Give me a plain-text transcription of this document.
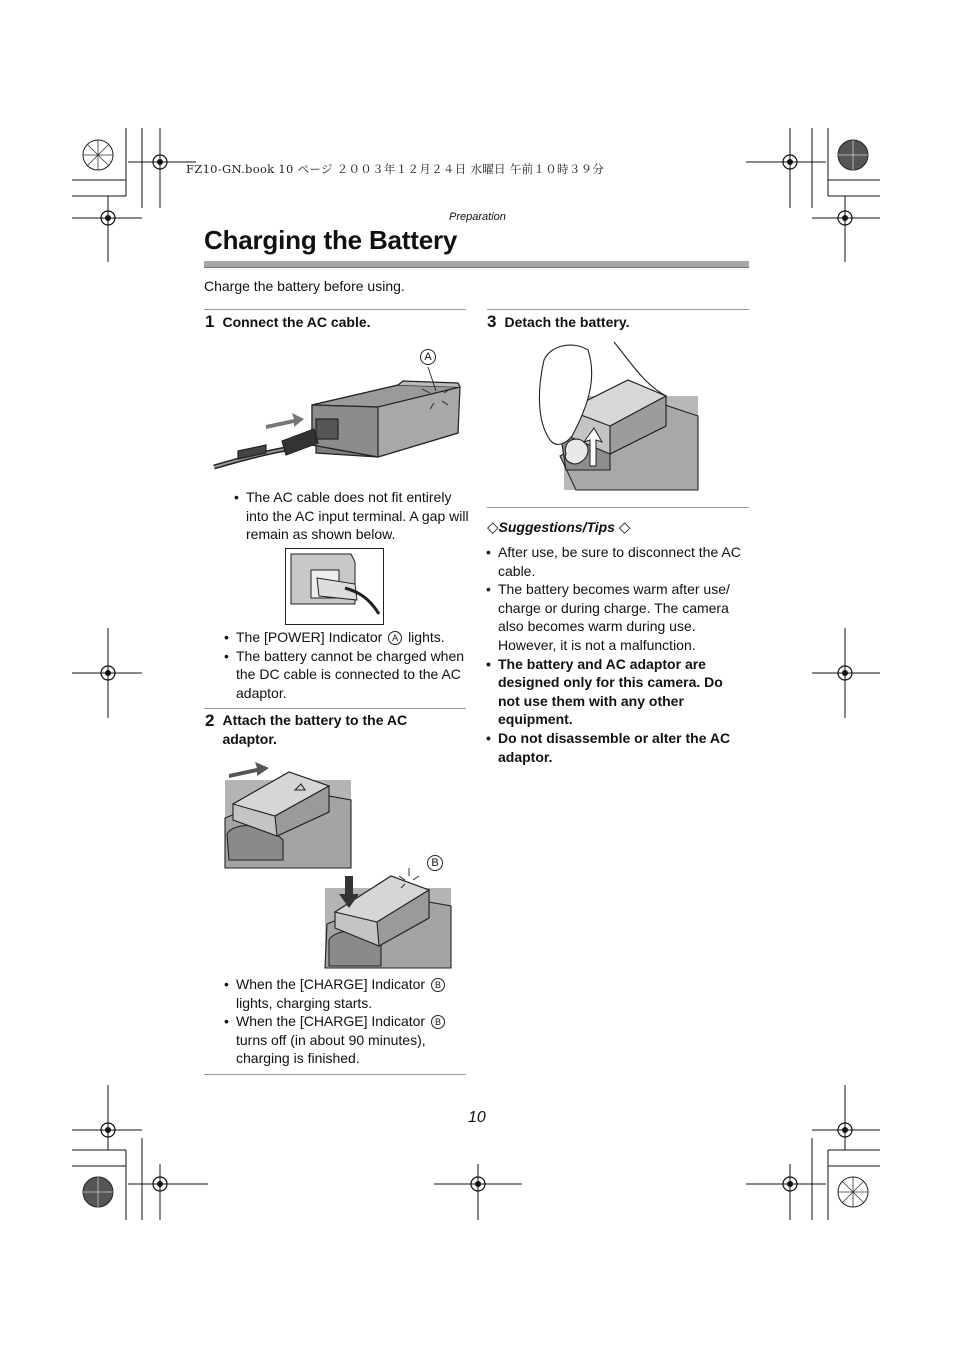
FZ10-GN.book 10 ページ ２００３年１２月２４日 水曜日 午前１０時３９分
Preparation
Charging the Battery
Charge the battery before using.
1 Connect the AC cable.
A
• The AC cable does not fit entirely into the AC input terminal. A gap will remain as shown below.
• The [POWER] Indicator A lights.
• The battery cannot be charged when the DC cable is connected to the AC adaptor.
2 Attach the battery to the AC adaptor.
B
• When the [CHARGE] Indicator B lights, charging starts.
• When the [CHARGE] Indicator B turns off (in about 90 minutes), charging is finished.
3 Detach the battery.
◇Suggestions/Tips ◇
• After use, be sure to disconnect the AC cable.
• The battery becomes warm after use/ charge or during charge. The camera also becomes warm during use. However, it is not a malfunction.
• The battery and AC adaptor are designed only for this camera. Do not use them with any other equipment.
• Do not disassemble or alter the AC adaptor.
10
